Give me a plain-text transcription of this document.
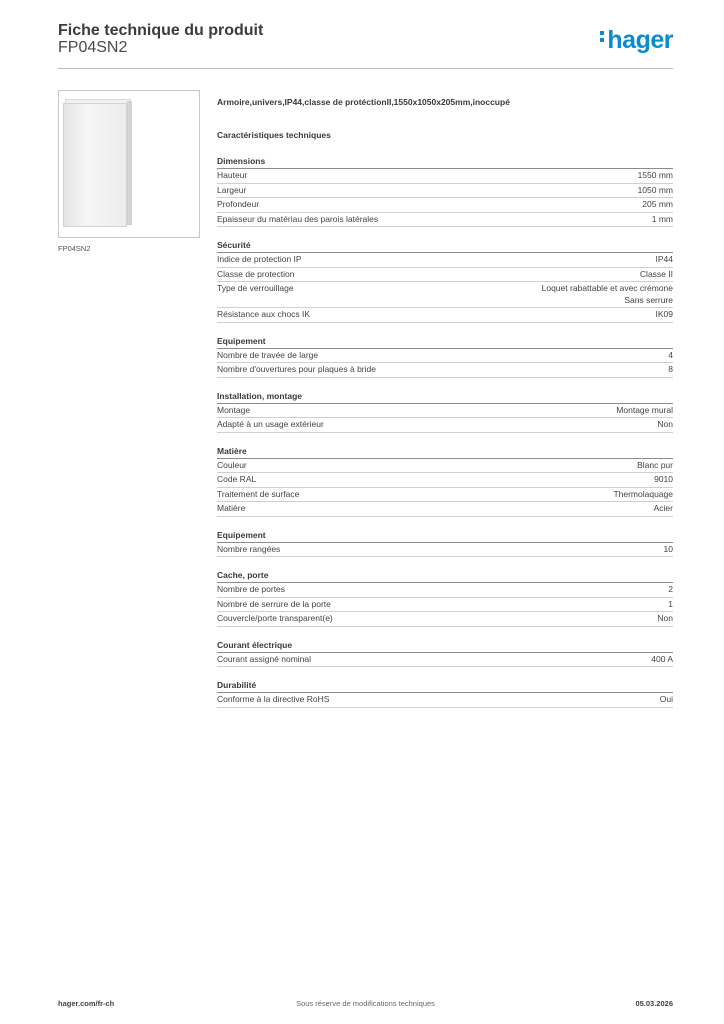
Fiche technique du produit
FP04SN2	hager
FP04SN2
Armoire,univers,IP44,classe de protéctionII,1550x1050x205mm,inoccupé
Caractéristiques techniques
Dimensions
Hauteur	1550 mm
Largeur	1050 mm
Profondeur	205 mm
Epaisseur du matériau des parois latérales	1 mm
Sécurité
Indice de protection IP	IP44
Classe de protection	Classe II
Type de verrouillage	Loquet rabattable et avec crémone
Sans serrure
Résistance aux chocs IK	IK09
Equipement
Nombre de travée de large	4
Nombre d'ouvertures pour plaques à bride	8
Installation, montage
Montage	Montage mural
Adapté à un usage extérieur	Non
Matière
Couleur	Blanc pur
Code RAL	9010
Traitement de surface	Thermolaquage
Matière	Acier
Equipement
Nombre rangées	10
Cache, porte
Nombre de portes	2
Nombre de serrure de la porte	1
Couvercle/porte transparent(e)	Non
Courant électrique
Courant assigné nominal	400 A
Durabilité
Conforme à la directive RoHS	Oui
hager.com/fr-ch	Sous réserve de modifications techniques	05.03.2026
